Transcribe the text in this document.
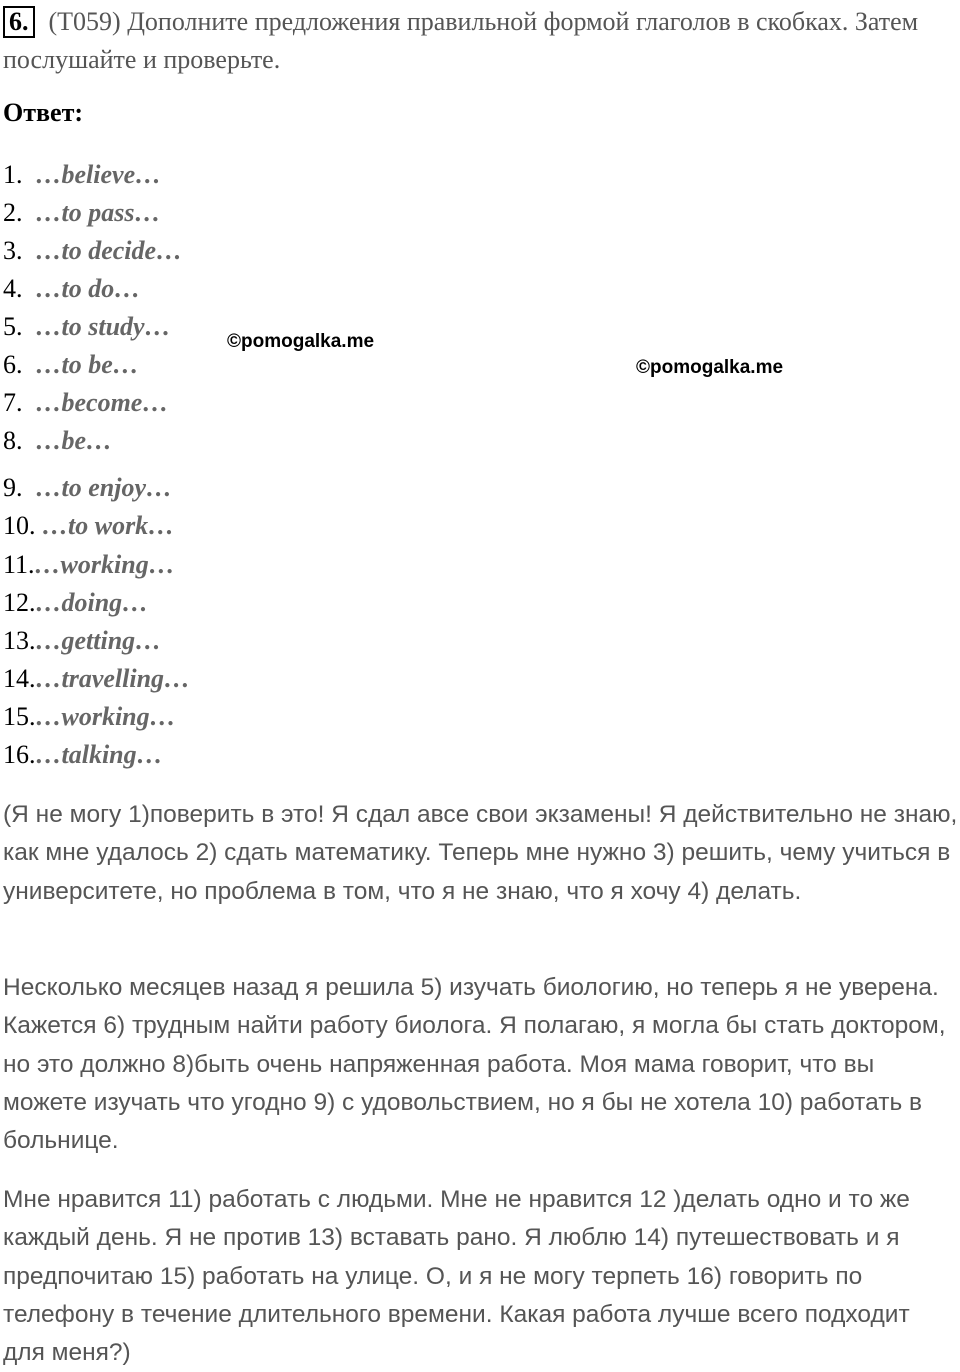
6. (T059) Дополните предложения правильной формой глаголов в скобках. Затем послушайте и проверьте.
Ответ:
1. …believe…
2. …to pass…
3. …to decide…
4. …to do…
5. …to study…
6. …to be…
7. …become…
8. …be…
9. …to enjoy…
10. …to work…
11.…working…
12.…doing…
13.…getting…
14.…travelling…
15.…working…
16.…talking…
©pomogalka.me
©pomogalka.me

(Я не могу 1)поверить в это! Я сдал авсе свои экзамены! Я действительно не знаю, как мне удалось 2) сдать математику. Теперь мне нужно 3) решить, чему учиться в университете, но проблема в том, что я не знаю, что я хочу 4) делать.

Несколько месяцев назад я решила 5) изучать биологию, но теперь я не уверена. Кажется 6) трудным найти работу биолога. Я полагаю, я могла бы стать доктором, но это должно 8)быть очень напряженная работа. Моя мама говорит, что вы можете изучать что угодно 9) с удовольствием, но я бы не хотела 10) работать в больнице.

Мне нравится 11) работать с людьми. Мне не нравится 12 )делать одно и то же каждый день. Я не против 13) вставать рано. Я люблю 14) путешествовать и я предпочитаю 15) работать на улице. О, и я не могу терпеть 16) говорить по телефону в течение длительного времени. Какая работа лучше всего подходит для меня?)
